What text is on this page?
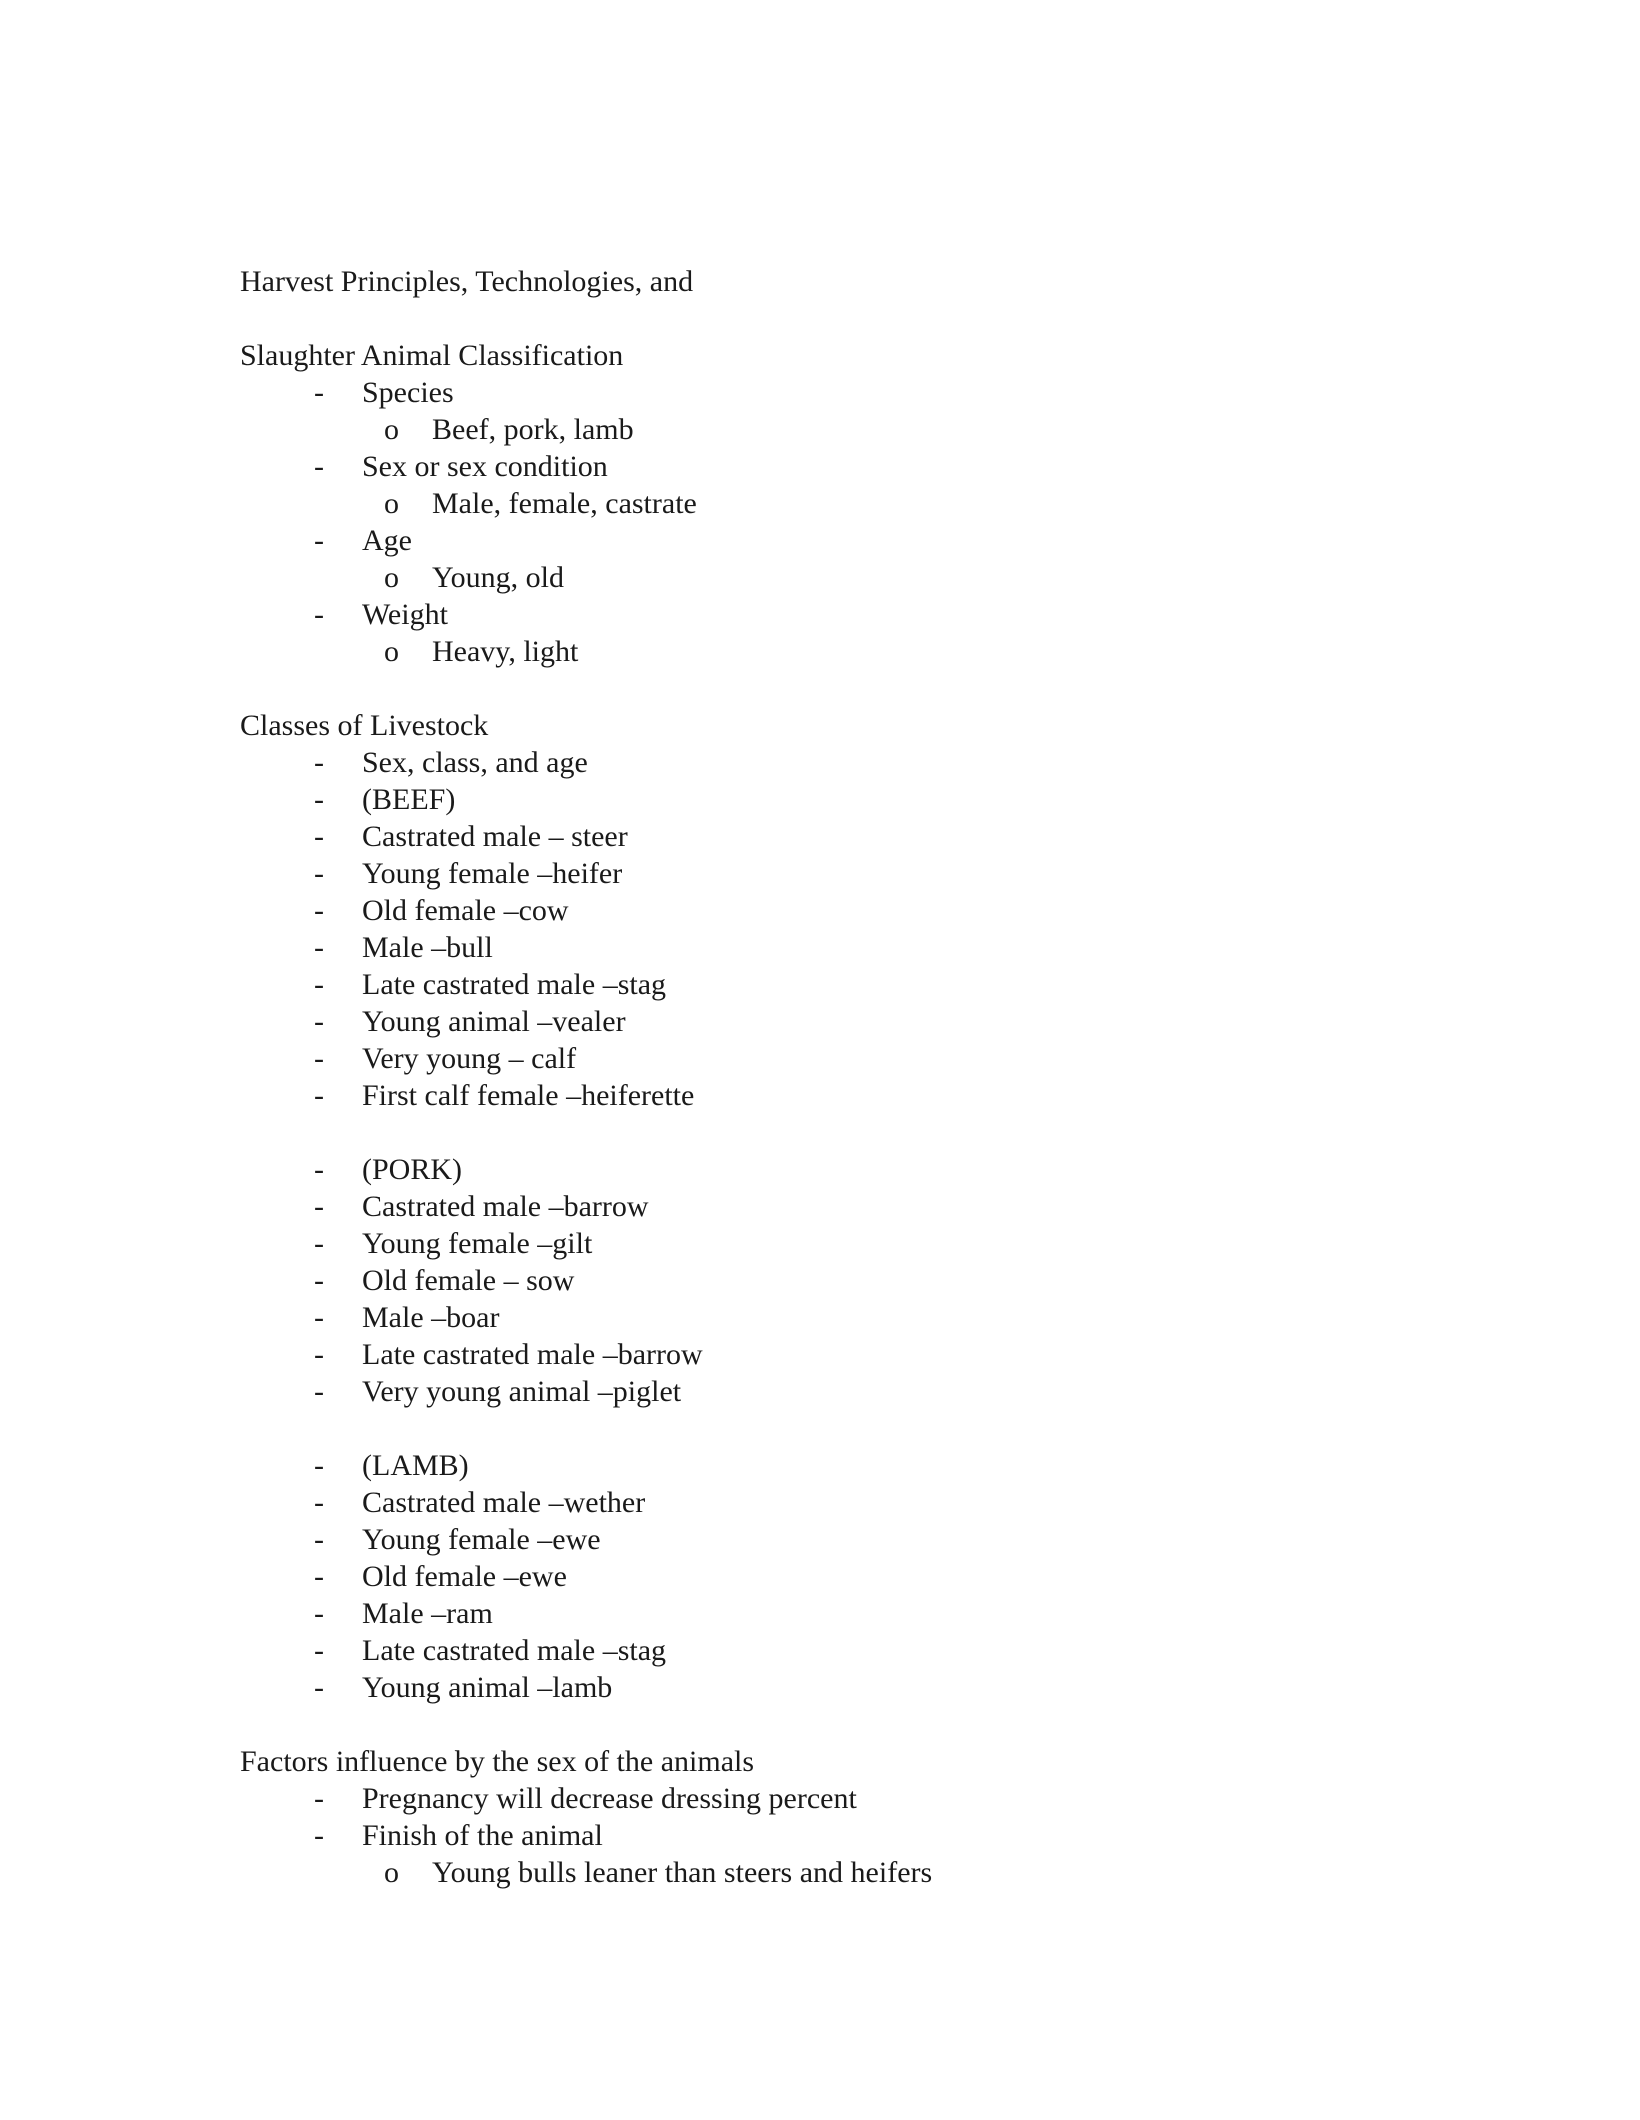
Harvest Principles, Technologies, and

Slaughter Animal Classification

- Species
o Beef, pork, lamb
- Sex or sex condition
o Male, female, castrate
- Age
o Young, old
- Weight
o Heavy, light

Classes of Livestock

- Sex, class, and age
- (BEEF)
- Castrated male – steer
- Young female –heifer
- Old female –cow
- Male –bull
- Late castrated male –stag
- Young animal –vealer
- Very young – calf
- First calf female –heiferette
- (PORK)
- Castrated male –barrow
- Young female –gilt
- Old female – sow
- Male –boar
- Late castrated male –barrow
- Very young animal –piglet
- (LAMB)
- Castrated male –wether
- Young female –ewe
- Old female –ewe
- Male –ram
- Late castrated male –stag
- Young animal –lamb

Factors influence by the sex of the animals

- Pregnancy will decrease dressing percent
- Finish of the animal
o Young bulls leaner than steers and heifers
